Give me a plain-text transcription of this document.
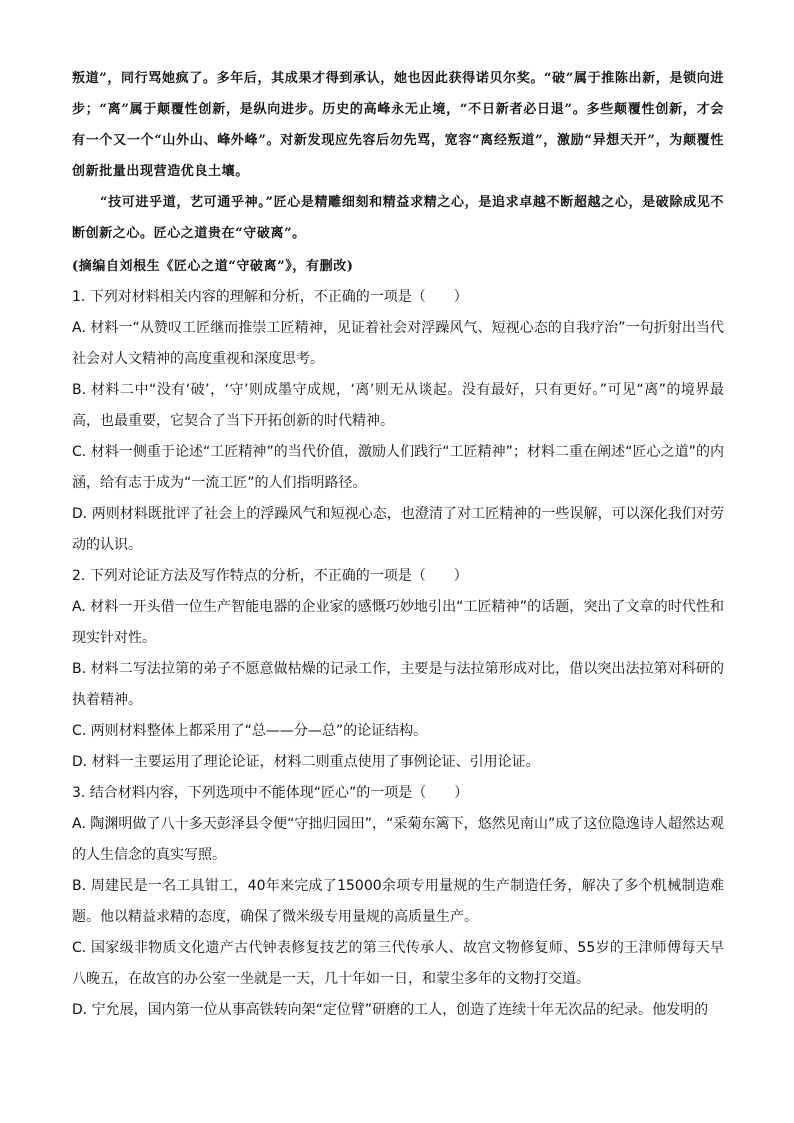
叛道”，同行骂她疯了。多年后，其成果才得到承认，她也因此获得诺贝尔奖。“破”属于推陈出新，是锁向进步；“离”属于颠覆性创新，是纵向进步。历史的高峰永无止境，“不日新者必日退”。多些颠覆性创新，才会有一个又一个“山外山、峰外峰”。对新发现应先容后勿先骂，宽容“离经叛道”，激励“异想天开”，为颠覆性创新批量出现营造优良土壤。

“技可进乎道，艺可通乎神。”匠心是精雕细刻和精益求精之心，是追求卓越不断超越之心，是破除成见不断创新之心。匠心之道贵在“守破离”。

(摘编自刘根生《匠心之道“守破离”》，有删改)

1. 下列对材料相关内容的理解和分析，不正确的一项是（　　）

A. 材料一“从赞叹工匠继而推崇工匠精神，见证着社会对浮躁风气、短视心态的自我疗治”一句折射出当代社会对人文精神的高度重视和深度思考。

B. 材料二中“没有‘破’，‘守’则成墨守成规，‘离’则无从谈起。没有最好，只有更好。”可见“离”的境界最高，也最重要，它契合了当下开拓创新的时代精神。

C. 材料一侧重于论述“工匠精神”的当代价值，激励人们践行“工匠精神”；材料二重在阐述“匠心之道”的内涵，给有志于成为“一流工匠”的人们指明路径。

D. 两则材料既批评了社会上的浮躁风气和短视心态，也澄清了对工匠精神的一些误解，可以深化我们对劳动的认识。

2. 下列对论证方法及写作特点的分析，不正确的一项是（　　）

A. 材料一开头借一位生产智能电器的企业家的感慨巧妙地引出“工匠精神”的话题，突出了文章的时代性和现实针对性。

B. 材料二写法拉第的弟子不愿意做枯燥的记录工作，主要是与法拉第形成对比，借以突出法拉第对科研的执着精神。

C. 两则材料整体上都采用了“总——分—总”的论证结构。

D. 材料一主要运用了理论论证，材料二则重点使用了事例论证、引用论证。

3. 结合材料内容，下列选项中不能体现“匠心”的一项是（　　）

A. 陶渊明做了八十多天彭泽县令便“守拙归园田”，“采菊东篱下，悠然见南山”成了这位隐逸诗人超然达观的人生信念的真实写照。

B. 周建民是一名工具钳工，40年来完成了15000余项专用量规的生产制造任务，解决了多个机械制造难题。他以精益求精的态度，确保了微米级专用量规的高质量生产。

C. 国家级非物质文化遗产古代钟表修复技艺的第三代传承人、故宫文物修复师、55岁的王津师傅每天早八晚五，在故宫的办公室一坐就是一天，几十年如一日，和蒙尘多年的文物打交道。

D. 宁允展，国内第一位从事高铁转向架“定位臂”研磨的工人，创造了连续十年无次品的纪录。他发明的
